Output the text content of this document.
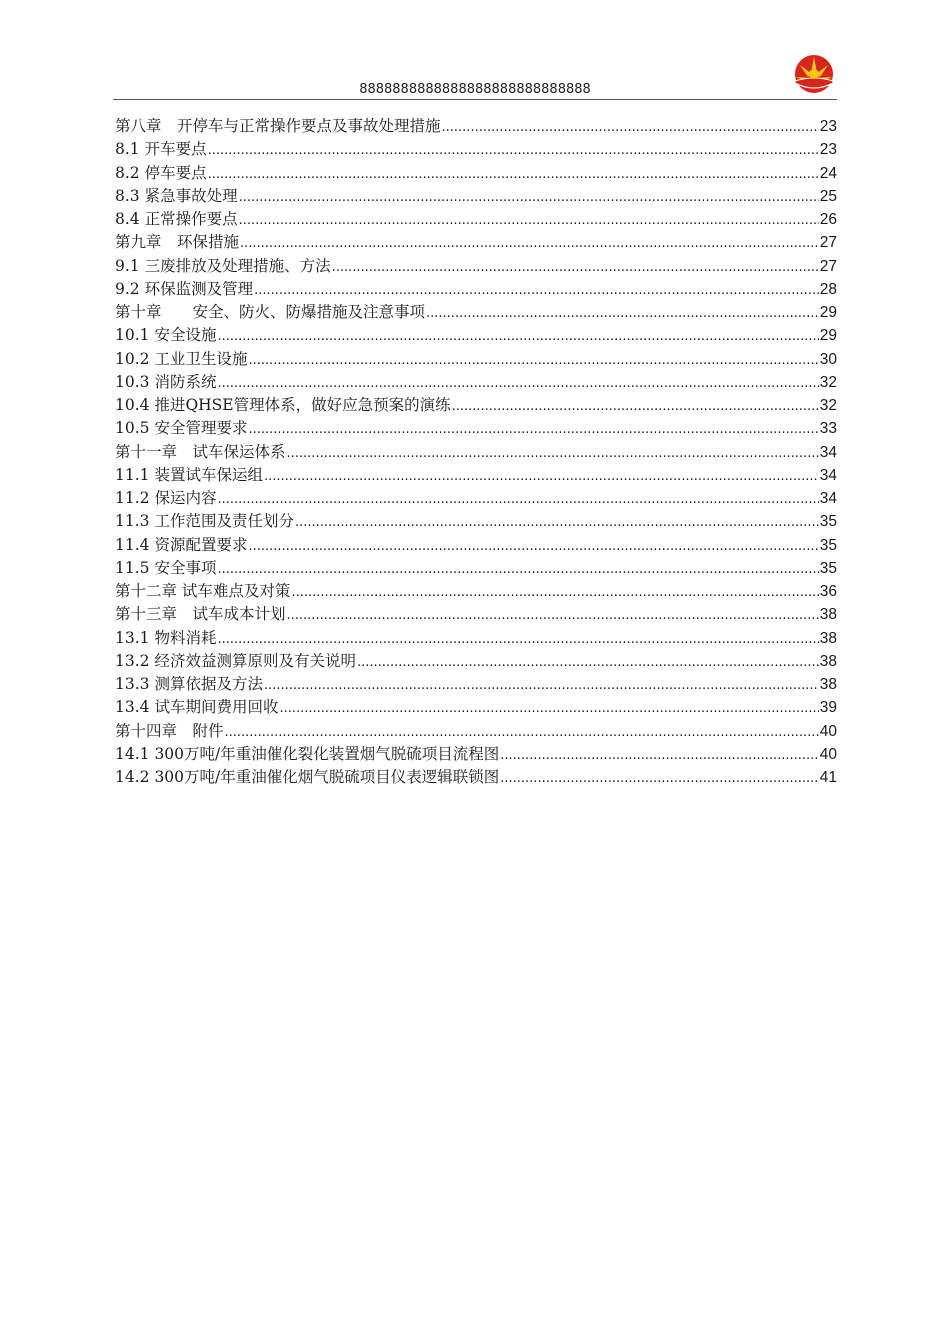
8888888888888888888888888888
第八章　开停车与正常操作要点及事故处理措施 .....	23
8.1 开车要点 .....	23
8.2 停车要点 .....	24
8.3 紧急事故处理 .....	25
8.4 正常操作要点 .....	26
第九章　环保措施 .....	27
9.1 三废排放及处理措施、方法 .....	27
9.2 环保监测及管理 .....	28
第十章　　安全、防火、防爆措施及注意事项 .....	29
10.1 安全设施 .....	29
10.2 工业卫生设施 .....	30
10.3 消防系统 .....	32
10.4 推进QHSE管理体系，做好应急预案的演练 .....	32
10.5 安全管理要求 .....	33
第十一章　试车保运体系 .....	34
11.1 装置试车保运组 .....	34
11.2 保运内容 .....	34
11.3 工作范围及责任划分 .....	35
11.4 资源配置要求 .....	35
11.5 安全事项 .....	35
第十二章 试车难点及对策 .....	36
第十三章　试车成本计划 .....	38
13.1 物料消耗 .....	38
13.2 经济效益测算原则及有关说明 .....	38
13.3 测算依据及方法 .....	38
13.4 试车期间费用回收 .....	39
第十四章　附件 .....	40
14.1 300万吨/年重油催化裂化装置烟气脱硫项目流程图 .....	40
14.2 300万吨/年重油催化烟气脱硫项目仪表逻辑联锁图 .....	41
